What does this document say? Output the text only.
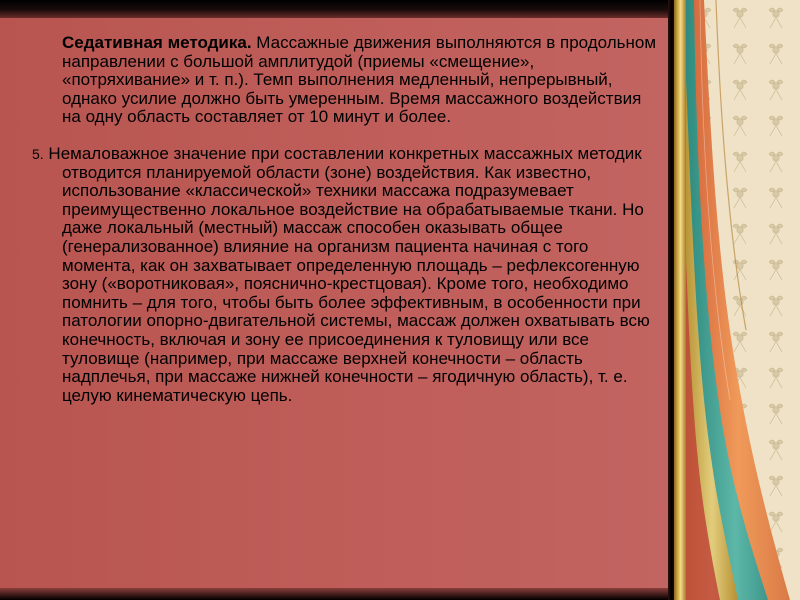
Седативная методика. Массажные движения выполняются в продольном направлении с большой амплитудой (приемы «смещение», «потряхивание» и т. п.). Темп выполнения медленный, непрерывный, однако усилие должно быть умеренным. Время массажного воздействия на одну область составляет от 10 минут и более.

5. Немаловажное значение при составлении конкретных массажных методик отводится планируемой области (зоне) воздействия. Как известно, использование «классической» техники массажа подразумевает преимущественно локальное воздействие на обрабатываемые ткани. Но даже локальный (местный) массаж способен оказывать общее (генерализованное) влияние на организм пациента начиная с того момента, как он захватывает определенную площадь – рефлексогенную зону («воротниковая», пояснично-крестцовая). Кроме того, необходимо помнить – для того, чтобы быть более эффективным, в особенности при патологии опорно-двигательной системы, массаж должен охватывать всю конечность, включая и зону ее присоединения к туловищу или все туловище (например, при массаже верхней конечности – область надплечья, при массаже нижней конечности – ягодичную область), т. е. целую кинематическую цепь.
